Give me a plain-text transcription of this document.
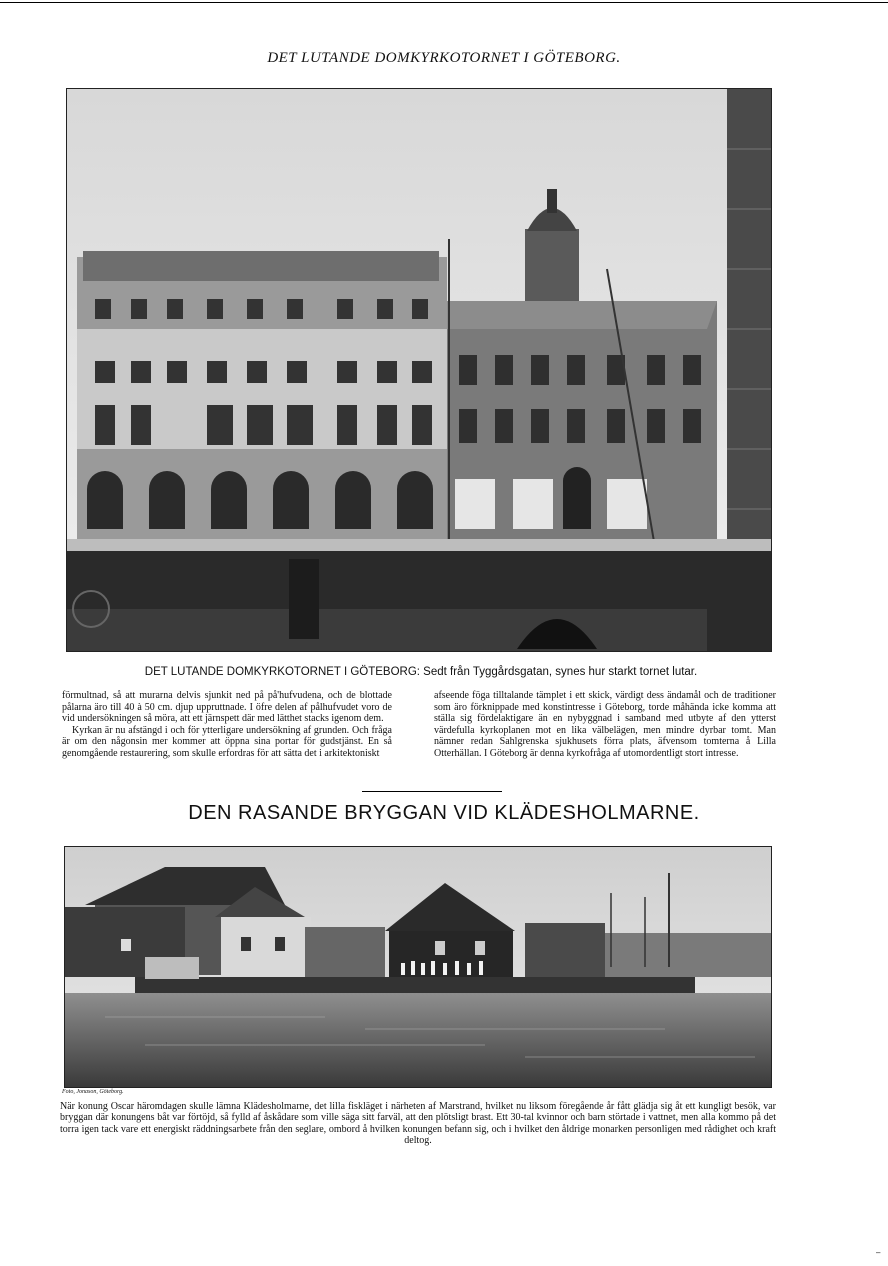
DET LUTANDE DOMKYRKOTORNET I GÖTEBORG.
DET LUTANDE DOMKYRKOTORNET I GÖTEBORG: Sedt från Tyggårdsgatan, synes hur starkt tornet lutar.

förmultnad, så att murarna delvis sjunkit ned på på'hufvudena, och de blottade pålarna äro till 40 à 50 cm. djup uppruttnade. I öfre delen af pålhufvudet voro de vid undersökningen så möra, att ett järnspett där med lätthet stacks igenom dem.

Kyrkan är nu afstängd i och för ytterligare undersökning af grunden. Och fråga är om den någonsin mer kommer att öppna sina portar för gudstjänst. En så genomgående restaurering, som skulle erfordras för att sätta det i arkitektoniskt

afseende föga tilltalande tämplet i ett skick, värdigt dess ändamål och de traditioner som äro förknippade med konstintresse i Göteborg, torde måhända icke komma att ställa sig fördelaktigare än en nybyggnad i samband med utbyte af den ytterst värdefulla kyrkoplanen mot en lika välbelägen, men mindre dyrbar tomt. Man nämner redan Sahlgrenska sjukhusets förra plats, äfvensom tomterna å Lilla Otterhällan. I Göteborg är denna kyrkofråga af utomordentligt stort intresse.

DEN RASANDE BRYGGAN VID KLÄDESHOLMARNE.
Foto, Jonason, Göteborg.
När konung Oscar häromdagen skulle lämna Klädesholmarne, det lilla fiskläget i närheten af Marstrand, hvilket nu liksom föregående år fått glädja sig åt ett kungligt besök, var bryggan där konungens båt var förtöjd, så fylld af åskådare som ville säga sitt farväl, att den plötsligt brast. Ett 30-tal kvinnor och barn störtade i vattnet, men alla kommo på det torra igen tack vare ett energiskt räddningsarbete från den seglare, ombord å hvilken konungen befann sig, och i hvilket den åldrige monarken personligen med rådighet och kraft deltog.
–
